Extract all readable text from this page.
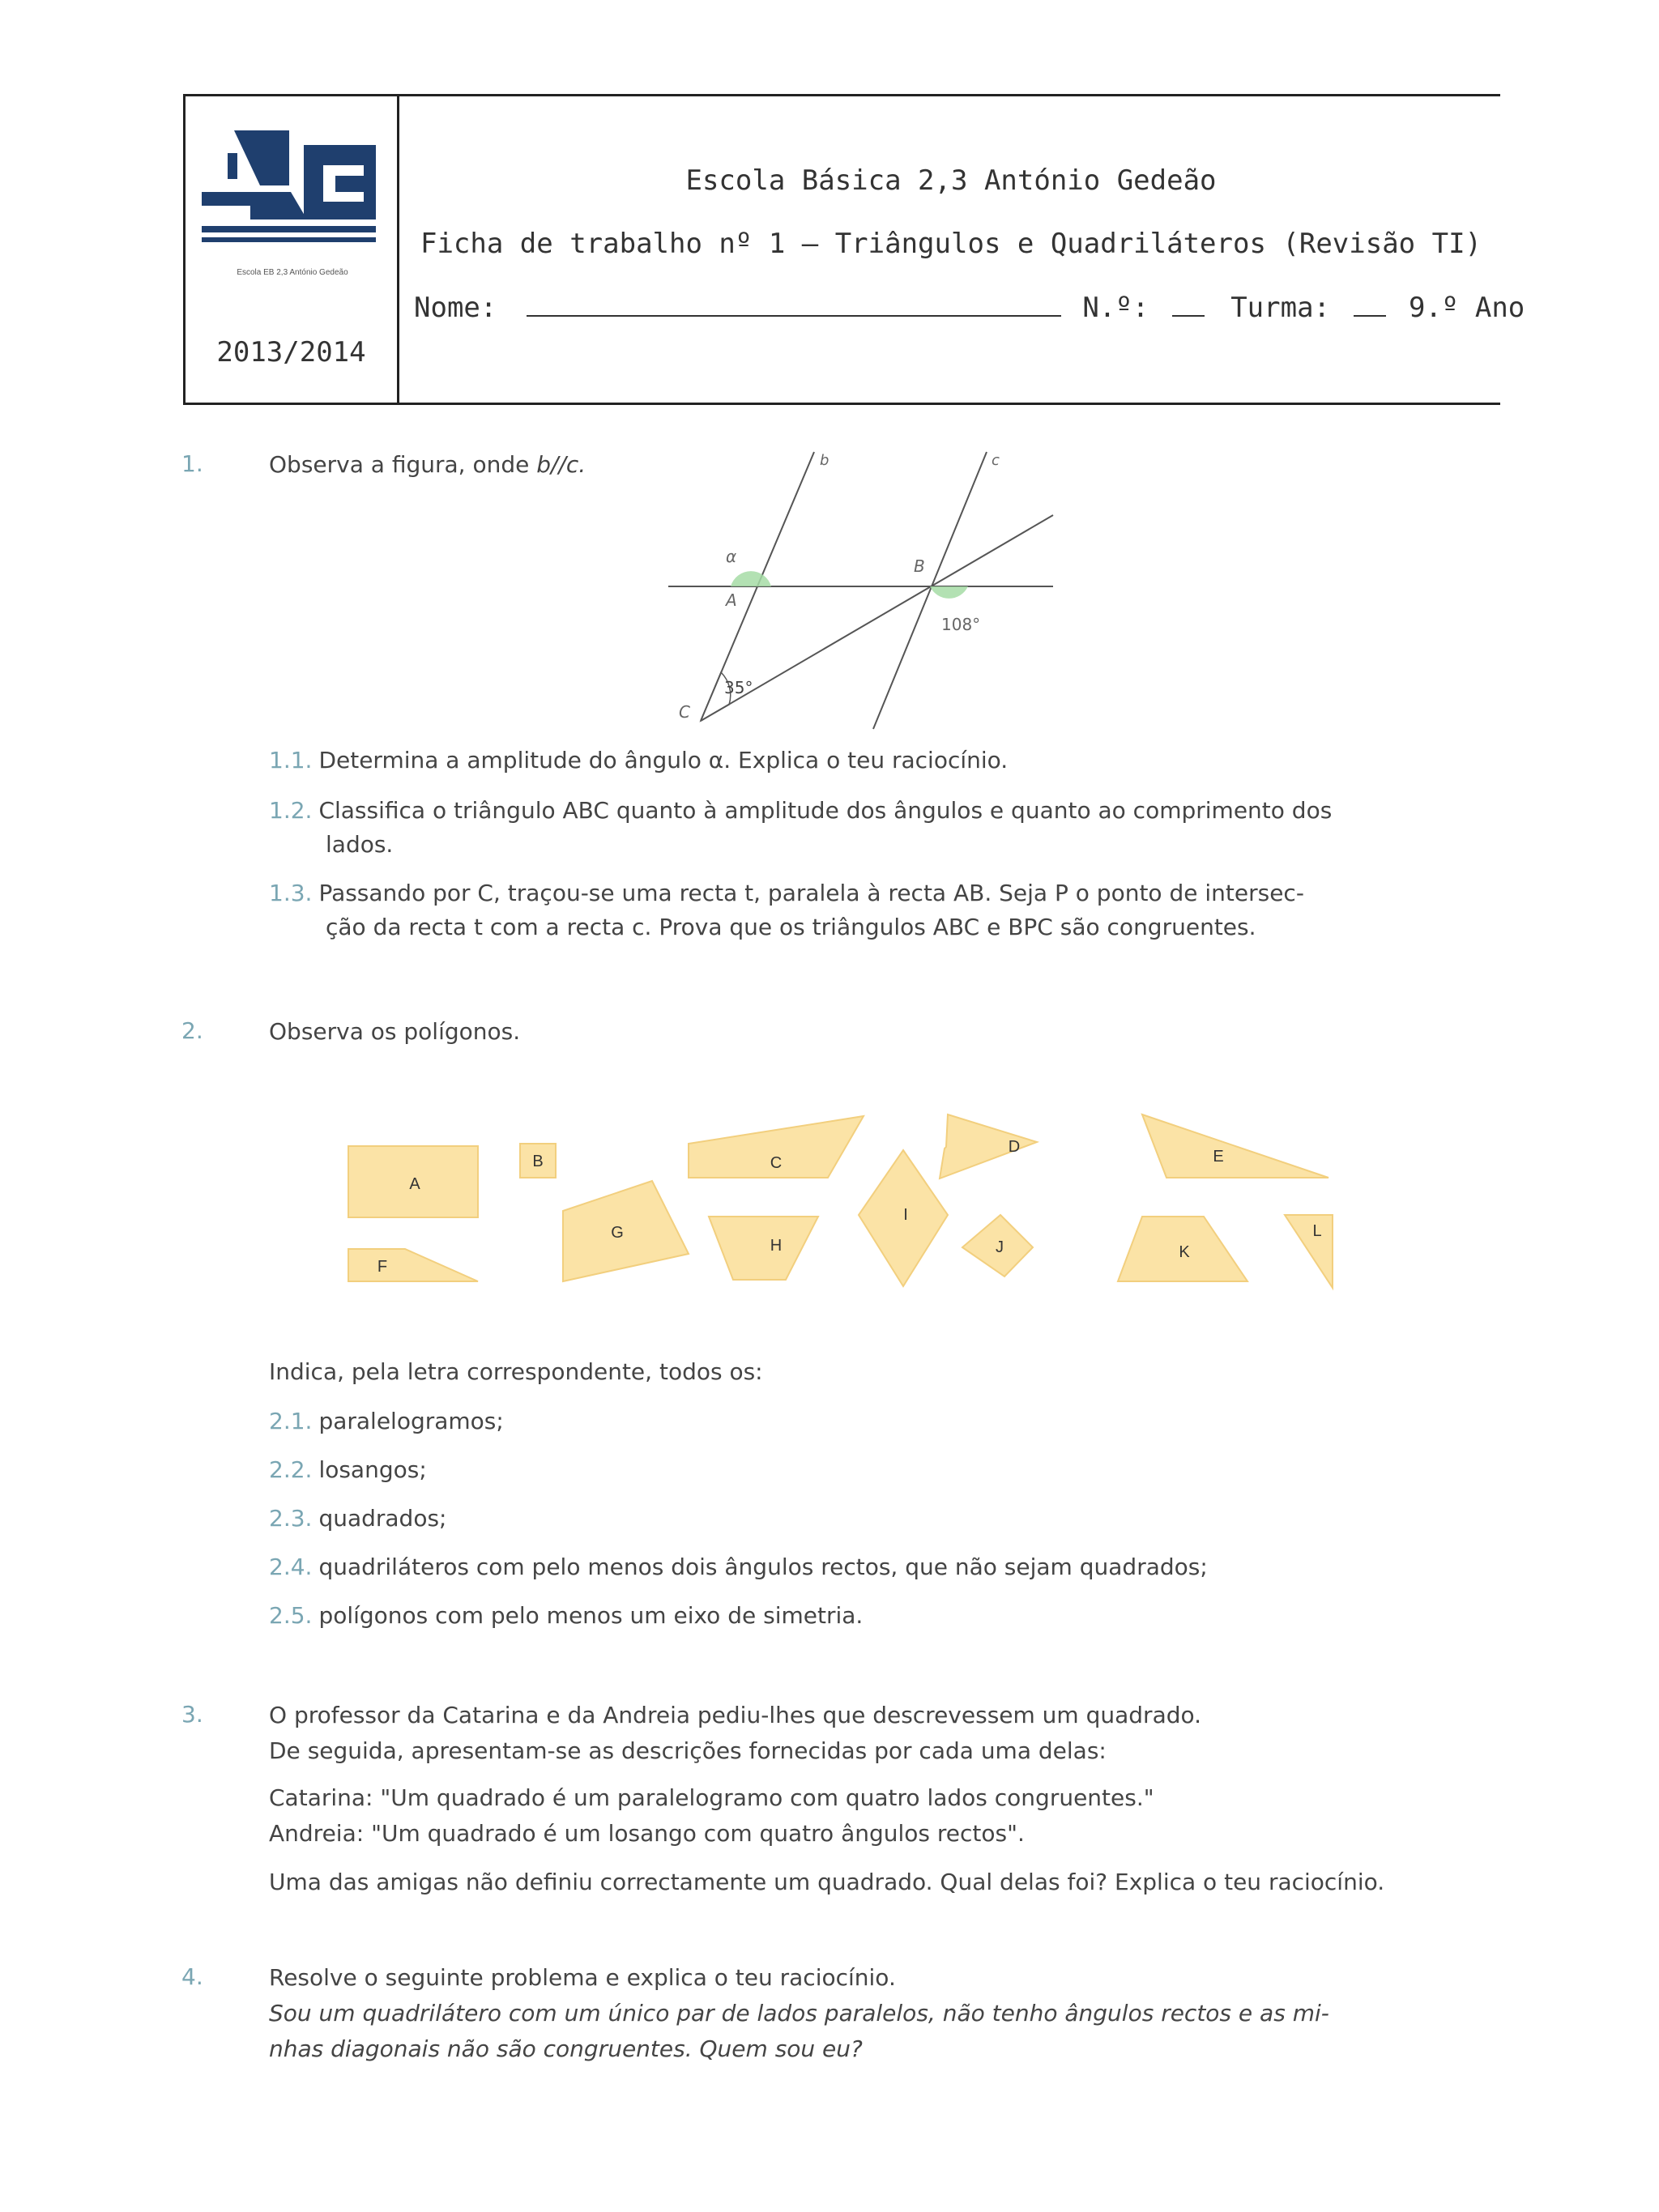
Escola EB 2,3 António Gedeão
2013/2014
Escola Básica 2,3 António Gedeão
Ficha de trabalho nº 1 – Triângulos e Quadriláteros (Revisão TI)
Nome:	N.º:	Turma:	9.º Ano
1.	Observa a figura, onde b//c.	b	c
α
A
B
C
108°
35°
1.1. Determina a amplitude do ângulo α. Explica o teu raciocínio.
1.2. Classifica o triângulo ABC quanto à amplitude dos ângulos e quanto ao comprimento dos
lados.
1.3. Passando por C, traçou-se uma recta t, paralela à recta AB. Seja P o ponto de intersec-
ção da recta t com a recta c. Prova que os triângulos ABC e BPC são congruentes.
2.	Observa os polígonos.
A
B	C
D
E
F
G
H
I
J	K
L
Indica, pela letra correspondente, todos os:
2.1. paralelogramos;
2.2. losangos;
2.3. quadrados;
2.4. quadriláteros com pelo menos dois ângulos rectos, que não sejam quadrados;
2.5. polígonos com pelo menos um eixo de simetria.
3.	O professor da Catarina e da Andreia pediu-lhes que descrevessem um quadrado.
De seguida, apresentam-se as descrições fornecidas por cada uma delas:
Catarina: "Um quadrado é um paralelogramo com quatro lados congruentes."
Andreia: "Um quadrado é um losango com quatro ângulos rectos".
Uma das amigas não definiu correctamente um quadrado. Qual delas foi? Explica o teu raciocínio.
4.	Resolve o seguinte problema e explica o teu raciocínio.
Sou um quadrilátero com um único par de lados paralelos, não tenho ângulos rectos e as mi-
nhas diagonais não são congruentes. Quem sou eu?
